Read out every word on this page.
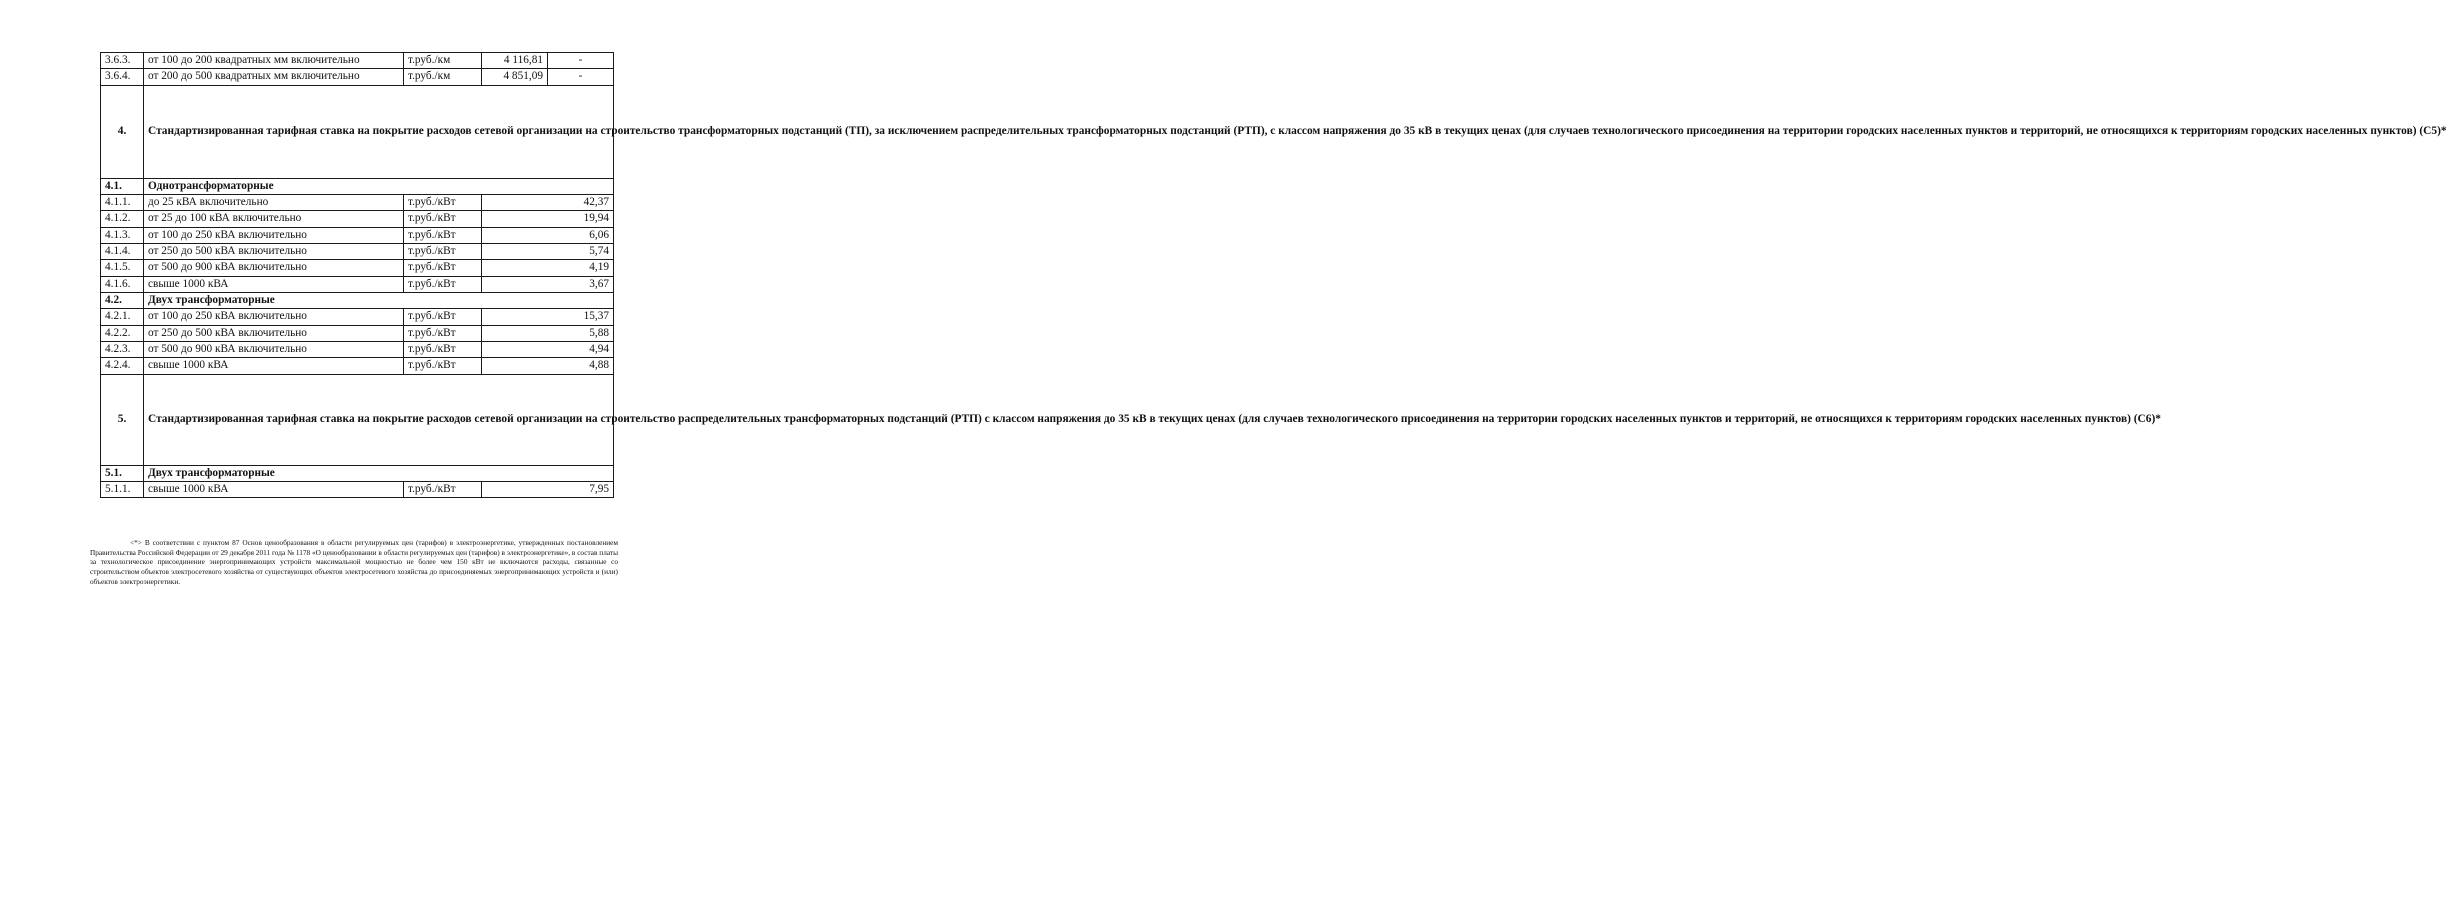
3.6.3.	от 100 до 200 квадратных мм включительно	т.руб./км	4 116,81	-
3.6.4.	от 200 до 500 квадратных мм включительно	т.руб./км	4 851,09	-
4.	Стандартизированная тарифная ставка на покрытие расходов сетевой организации на строительство трансформаторных подстанций (ТП), за исключением распределительных трансформаторных подстанций (РТП), с классом напряжения до 35 кВ в текущих ценах (для случаев технологического присоединения на территории городских населенных пунктов и территорий, не относящихся к территориям городских населенных пунктов) (С5)*			
4.1.	Однотрансформаторные			
4.1.1.	до 25 кВА включительно	т.руб./кВт	42,37	
4.1.2.	от 25 до 100 кВА включительно	т.руб./кВт	19,94	
4.1.3.	от 100 до 250 кВА включительно	т.руб./кВт	6,06	
4.1.4.	от 250 до 500 кВА включительно	т.руб./кВт	5,74	
4.1.5.	от 500 до 900 кВА включительно	т.руб./кВт	4,19	
4.1.6.	свыше 1000 кВА	т.руб./кВт	3,67	
4.2.	Двух трансформаторные			
4.2.1.	от 100 до 250 кВА включительно	т.руб./кВт	15,37	
4.2.2.	от 250 до 500 кВА включительно	т.руб./кВт	5,88	
4.2.3.	от 500 до 900 кВА включительно	т.руб./кВт	4,94	
4.2.4.	свыше 1000 кВА	т.руб./кВт	4,88	
5.	Стандартизированная тарифная ставка на покрытие расходов сетевой организации на строительство распределительных трансформаторных подстанций (РТП) с классом напряжения до 35 кВ в текущих ценах (для случаев технологического присоединения на территории городских населенных пунктов и территорий, не относящихся к территориям городских населенных пунктов) (С6)*			
5.1.	Двух трансформаторные			
5.1.1.	свыше 1000 кВА	т.руб./кВт	7,95	

<*> В соответствии с пунктом 87 Основ ценообразования в области регулируемых цен (тарифов) в электроэнергетике, утвержденных постановлением Правительства Российской Федерации от 29 декабря 2011 года № 1178 «О ценообразовании в области регулируемых цен (тарифов) в электроэнергетике», в состав платы за технологическое присоединение энергопринимающих устройств максимальной мощностью не более чем 150 кВт не включаются расходы, связанные со строительством объектов электросетевого хозяйства от существующих объектов электросетевого хозяйства до присоединяемых энергопринимающих устройств и (или) объектов электроэнергетики.
